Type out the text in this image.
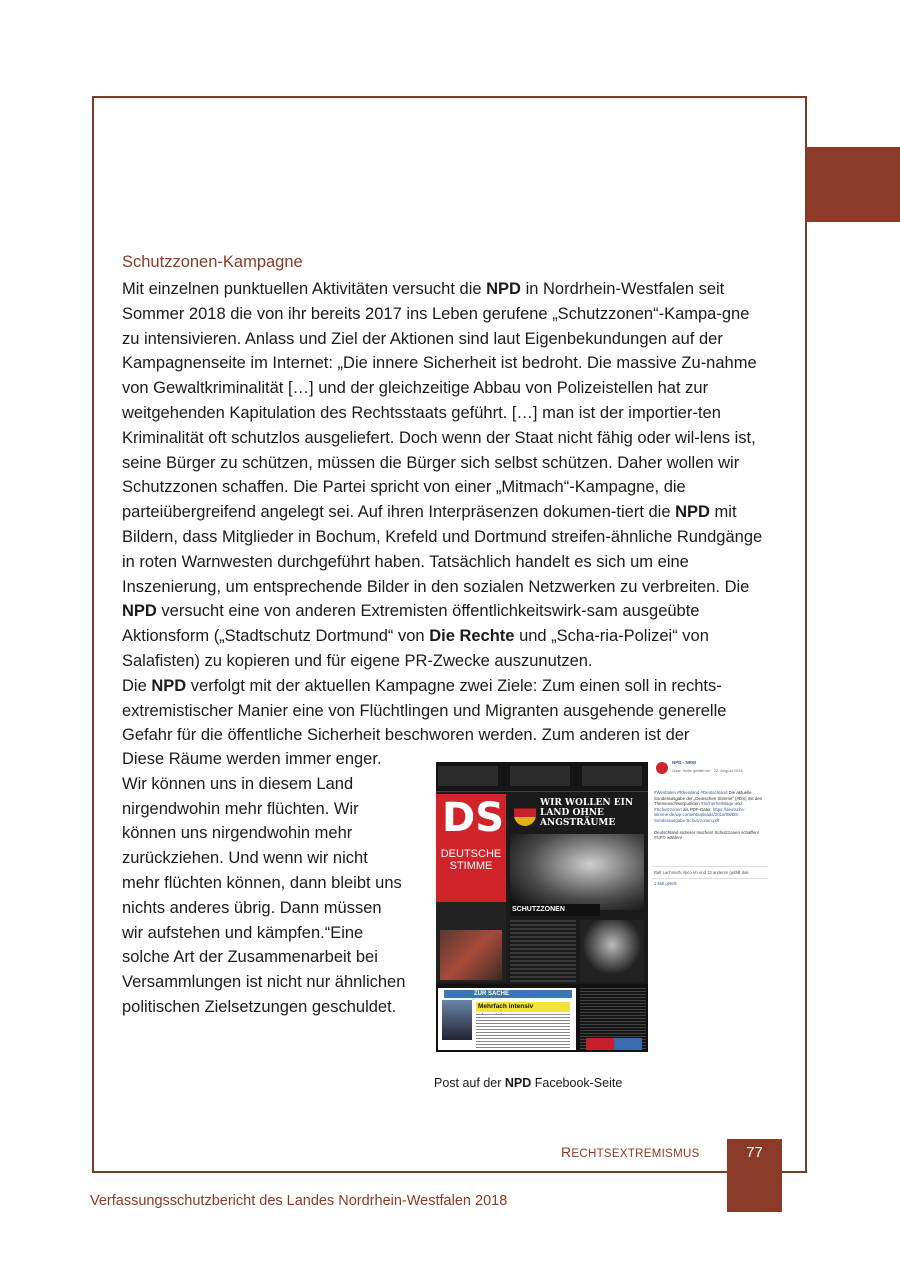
Schutzzonen-Kampagne

Mit einzelnen punktuellen Aktivitäten versucht die NPD in Nordrhein-Westfalen seit Sommer 2018 die von ihr bereits 2017 ins Leben gerufene „Schutzzonen“-Kampa-​gne zu intensivieren. Anlass und Ziel der Aktionen sind laut Eigenbekundungen auf der Kampagnenseite im Internet: „Die innere Sicherheit ist bedroht. Die massive Zu-​nahme von Gewaltkriminalität […] und der gleichzeitige Abbau von Polizeistellen hat zur weitgehenden Kapitulation des Rechtsstaats geführt. […] man ist der importier-​ten Kriminalität oft schutzlos ausgeliefert. Doch wenn der Staat nicht fähig oder wil-​lens ist, seine Bürger zu schützen, müssen die Bürger sich selbst schützen. Daher wollen wir Schutzzonen schaffen. Die Partei spricht von einer „Mitmach“-Kampagne, die parteiübergreifend angelegt sei. Auf ihren Interpräsenzen dokumen-​tiert die NPD mit Bildern, dass Mitglieder in Bochum, Krefeld und Dortmund streifen-​ähnliche Rundgänge in roten Warnwesten durchgeführt haben. Tatsächlich handelt es sich um eine Inszenierung, um entsprechende Bilder in den sozialen Netzwerken zu verbreiten. Die NPD versucht eine von anderen Extremisten öffentlichkeitswirk-​sam ausgeübte Aktionsform („Stadtschutz Dortmund“ von Die Rechte und „Scha-​ria-Polizei“ von Salafisten) zu kopieren und für eigene PR-Zwecke auszunutzen.

Die NPD verfolgt mit der aktuellen Kampagne zwei Ziele: Zum einen soll in rechts-​extremistischer Manier eine von Flüchtlingen und Migranten ausgehende generelle Gefahr für die öffentliche Sicherheit beschworen werden. Zum anderen ist der

Diese Räume werden immer enger. Wir können uns in diesem Land nirgendwohin mehr flüchten. Wir können uns nirgendwohin mehr zurückziehen. Und wenn wir nicht mehr flüchten können, dann bleibt uns nichts anderes übrig. Dann müssen wir aufstehen und kämpfen.“Eine solche Art der Zusammenarbeit bei Versammlungen ist nicht nur ähnlichen politischen Zielsetzungen geschuldet.
DS
DEUTSCHE STIMME
WIR WOLLEN EIN LAND OHNE ANGSTRÄUME
SCHUTZZONEN
ZUR SACHE
Mehrfach intensiv
NPD - NRW
Gast: Seite gefällt mir · 22. August 2018

#Westfalen #Rheinland #Deutschland Die aktuelle Sonderausgabe der „Deutschen Stimme“ (#DS) mit den Themenschwerpunkten #Sicherheitslage und #Schutzzonen als PDF-Datei: https://deutsche-stimme.de/wp-content/uploads/2018/08/DS-Sonderausgabe-Schutzzonen.pdf

Deutschland sicherer machen! Schutzzonen schaffen! #NPD wählen!

Ralf Lachmuth, Nico Vo und 13 anderen gefällt das.
1 Mal geteilt
Post auf der NPD Facebook-Seite
RECHTSEXTREMISMUS	77
Verfassungsschutzbericht des Landes Nordrhein-Westfalen 2018
